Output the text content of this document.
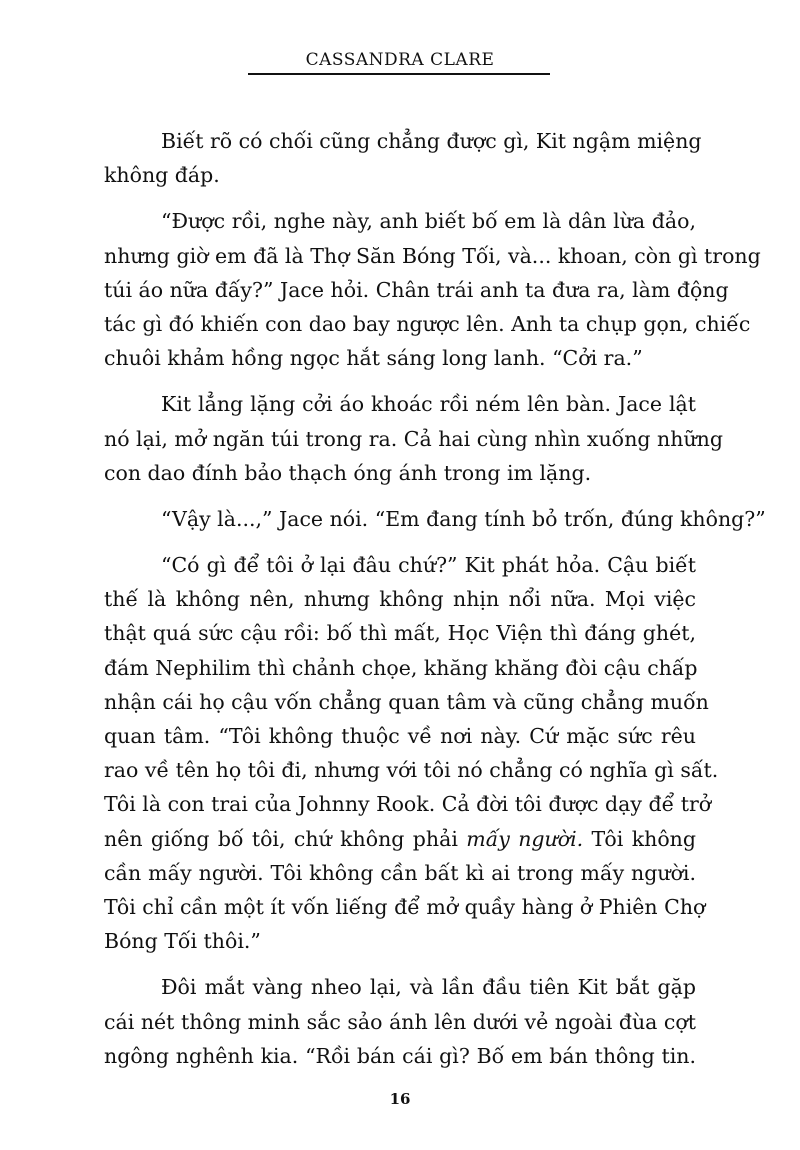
CASSANDRA CLARE
Biết rõ có chối cũng chẳng được gì, Kit ngậm miệng
không đáp.
“Được rồi, nghe này, anh biết bố em là dân lừa đảo,
nhưng giờ em đã là Thợ Săn Bóng Tối, và... khoan, còn gì trong
túi áo nữa đấy?” Jace hỏi. Chân trái anh ta đưa ra, làm động
tác gì đó khiến con dao bay ngược lên. Anh ta chụp gọn, chiếc
chuôi khảm hồng ngọc hắt sáng long lanh. “Cởi ra.”
Kit lẳng lặng cởi áo khoác rồi ném lên bàn. Jace lật
nó lại, mở ngăn túi trong ra. Cả hai cùng nhìn xuống những
con dao đính bảo thạch óng ánh trong im lặng.
“Vậy là...,” Jace nói. “Em đang tính bỏ trốn, đúng không?”
“Có gì để tôi ở lại đâu chứ?” Kit phát hỏa. Cậu biết
thế là không nên, nhưng không nhịn nổi nữa. Mọi việc
thật quá sức cậu rồi: bố thì mất, Học Viện thì đáng ghét,
đám Nephilim thì chảnh chọe, khăng khăng đòi cậu chấp
nhận cái họ cậu vốn chẳng quan tâm và cũng chẳng muốn
quan tâm. “Tôi không thuộc về nơi này. Cứ mặc sức rêu
rao về tên họ tôi đi, nhưng với tôi nó chẳng có nghĩa gì sất.
Tôi là con trai của Johnny Rook. Cả đời tôi được dạy để trở
nên giống bố tôi, chứ không phải mấy người. Tôi không
cần mấy người. Tôi không cần bất kì ai trong mấy người.
Tôi chỉ cần một ít vốn liếng để mở quầy hàng ở Phiên Chợ
Bóng Tối thôi.”
Đôi mắt vàng nheo lại, và lần đầu tiên Kit bắt gặp
cái nét thông minh sắc sảo ánh lên dưới vẻ ngoài đùa cợt
ngông nghênh kia. “Rồi bán cái gì? Bố em bán thông tin.
16
